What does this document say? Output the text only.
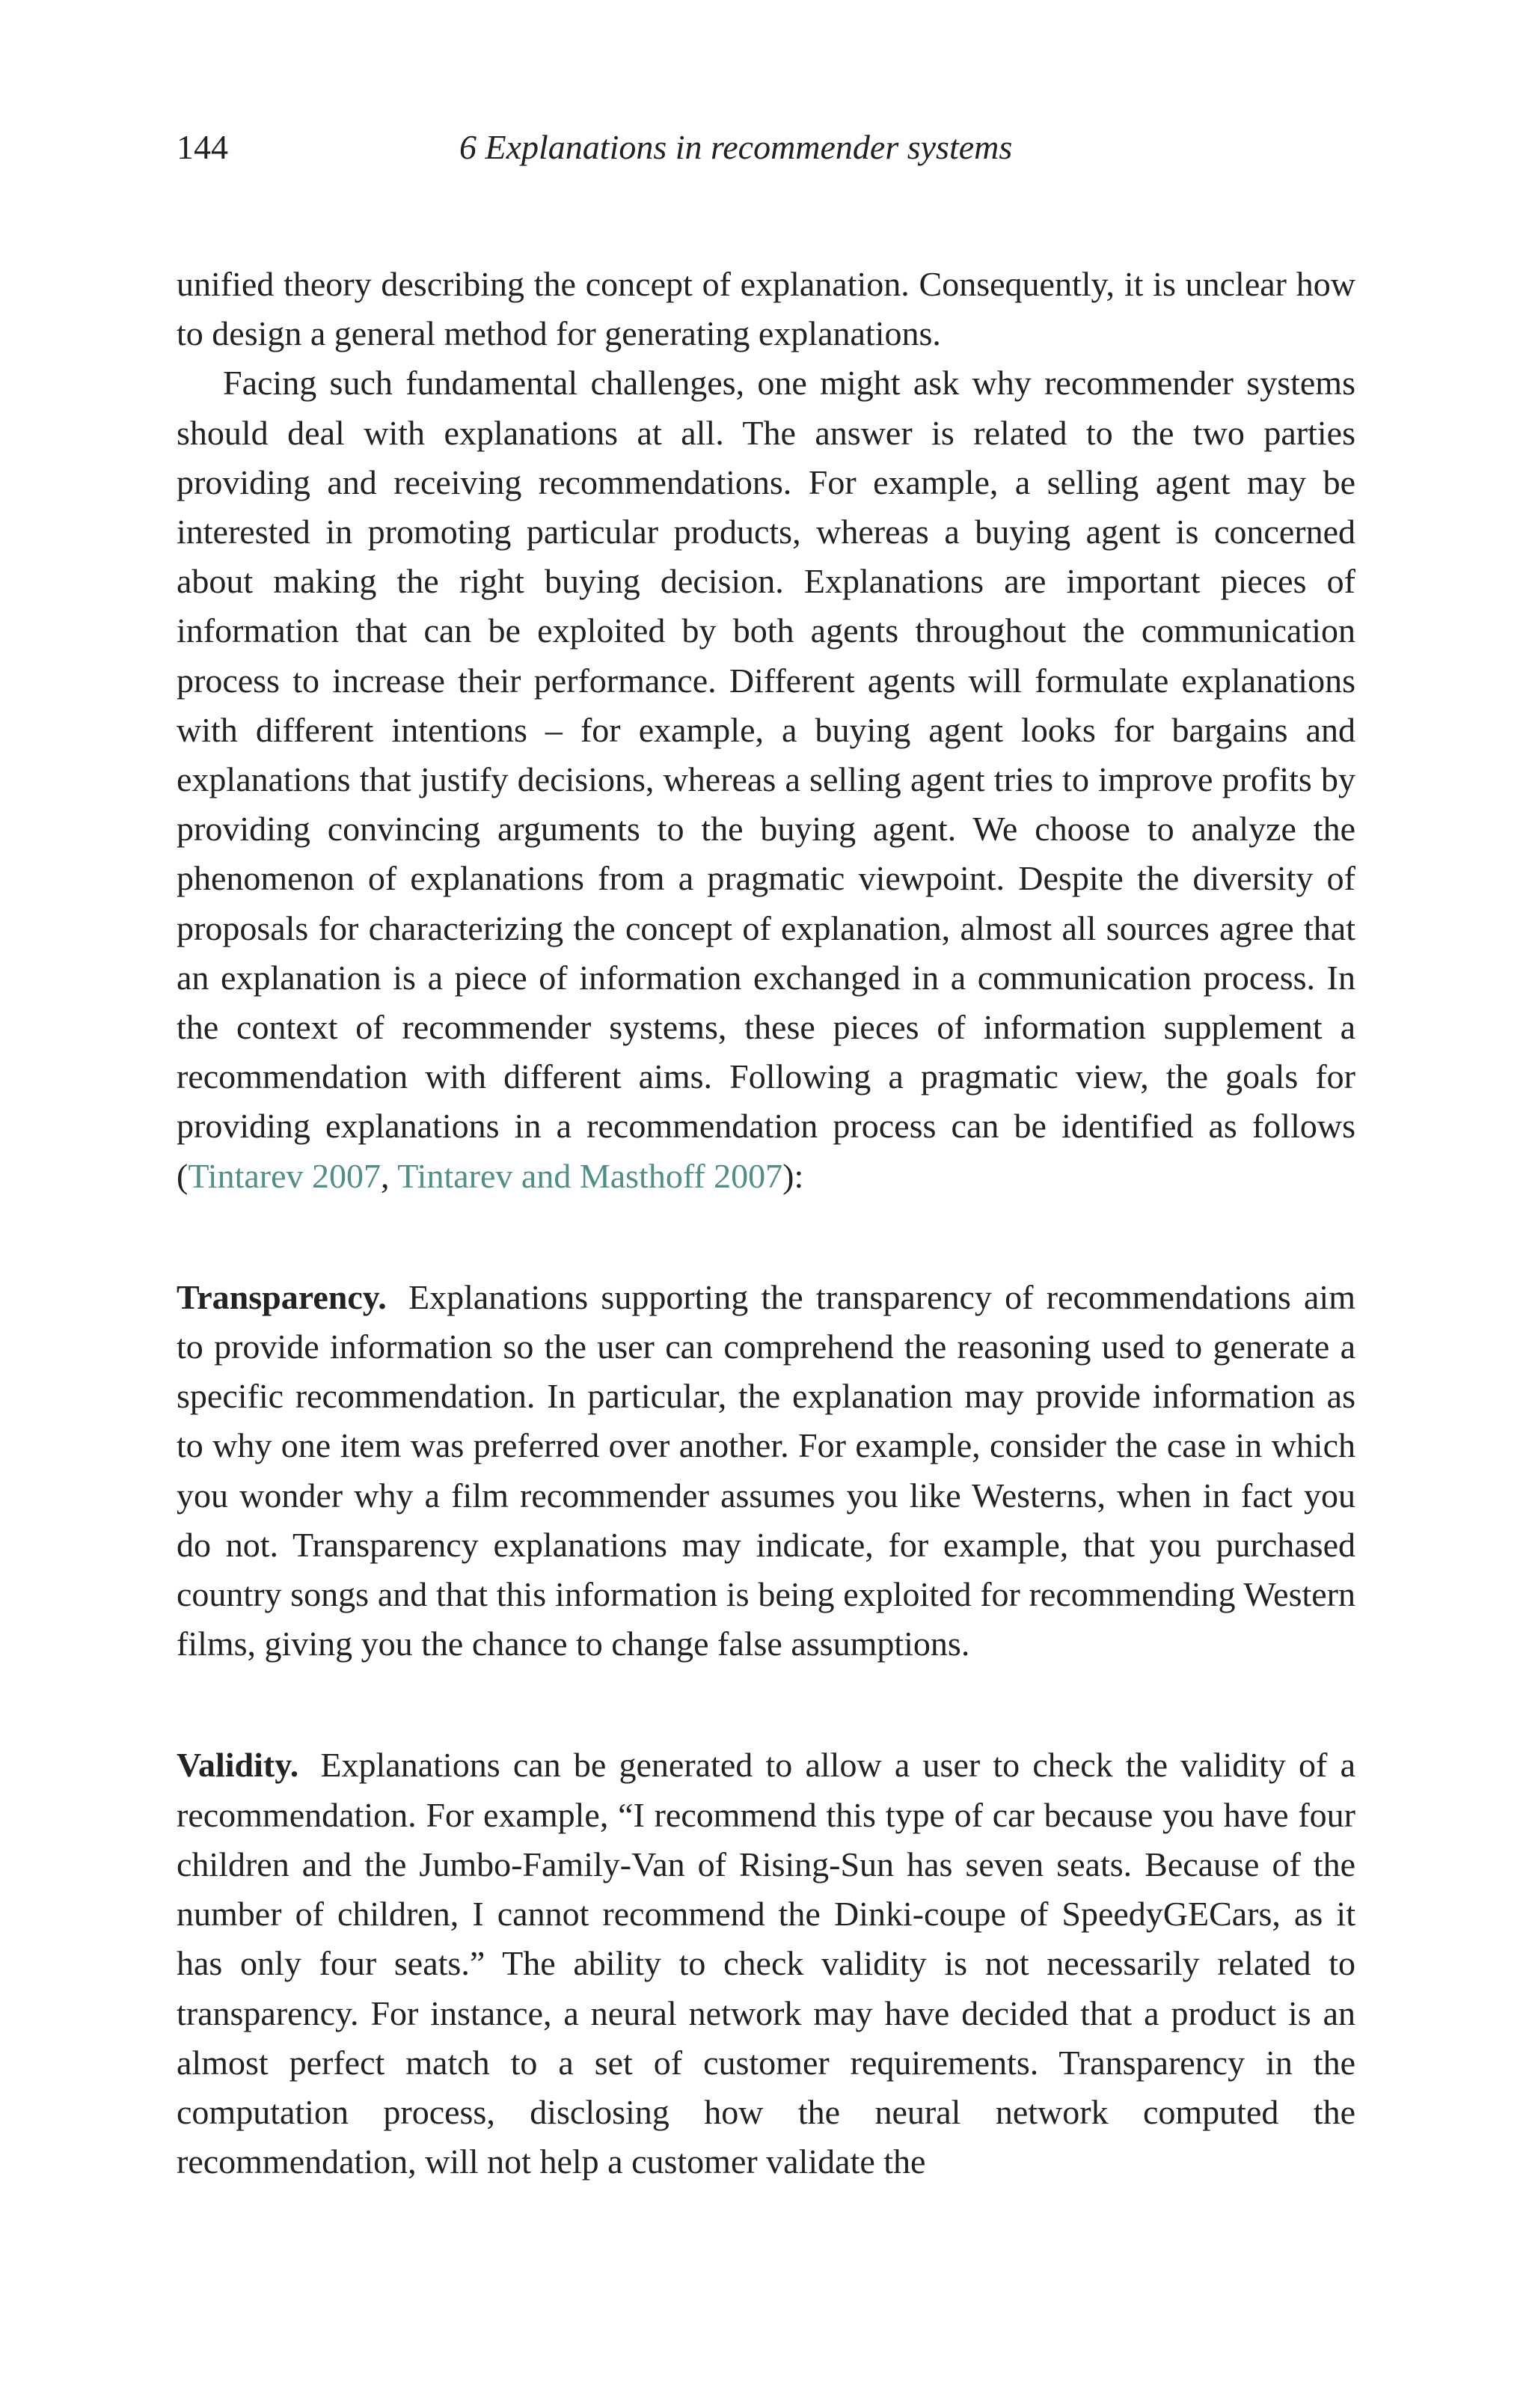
144	6 Explanations in recommender systems

unified theory describing the concept of explanation. Consequently, it is unclear how to design a general method for generating explanations.

Facing such fundamental challenges, one might ask why recommender systems should deal with explanations at all. The answer is related to the two parties providing and receiving recommendations. For example, a selling agent may be interested in promoting particular products, whereas a buying agent is concerned about making the right buying decision. Explanations are important pieces of information that can be exploited by both agents throughout the communication process to increase their performance. Different agents will formulate explanations with different intentions – for example, a buying agent looks for bargains and explanations that justify decisions, whereas a selling agent tries to improve profits by providing convincing arguments to the buying agent. We choose to analyze the phenomenon of explanations from a pragmatic viewpoint. Despite the diversity of proposals for characterizing the concept of explanation, almost all sources agree that an explanation is a piece of information exchanged in a communication process. In the context of recommender systems, these pieces of information supplement a recommendation with different aims. Following a pragmatic view, the goals for providing explanations in a recommendation process can be identified as follows (Tintarev 2007, Tintarev and Masthoff 2007):

Transparency. Explanations supporting the transparency of recommendations aim to provide information so the user can comprehend the reasoning used to generate a specific recommendation. In particular, the explanation may provide information as to why one item was preferred over another. For example, consider the case in which you wonder why a film recommender assumes you like Westerns, when in fact you do not. Transparency explanations may indicate, for example, that you purchased country songs and that this information is being exploited for recommending Western films, giving you the chance to change false assumptions.

Validity. Explanations can be generated to allow a user to check the validity of a recommendation. For example, “I recommend this type of car because you have four children and the Jumbo-Family-Van of Rising-Sun has seven seats. Because of the number of children, I cannot recommend the Dinki-coupe of SpeedyGECars, as it has only four seats.” The ability to check validity is not necessarily related to transparency. For instance, a neural network may have decided that a product is an almost perfect match to a set of customer requirements. Transparency in the computation process, disclosing how the neural network computed the recommendation, will not help a customer validate the
